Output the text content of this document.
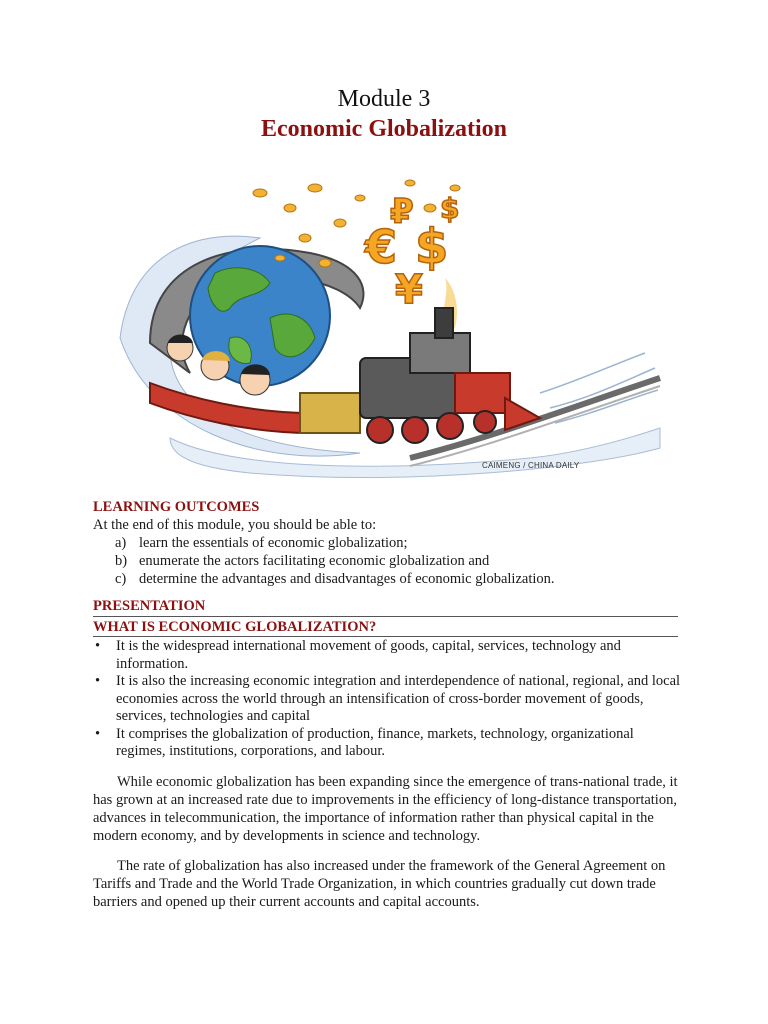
Module 3
Economic Globalization
€ $
¥
₽ $
CAIMENG / CHINA DAILY
LEARNING OUTCOMES
At the end of this module, you should be able to:
a) learn the essentials of economic globalization;
b) enumerate the actors facilitating economic globalization and
c) determine the advantages and disadvantages of economic globalization.
PRESENTATION
WHAT IS ECONOMIC GLOBALIZATION?
• It is the widespread international movement of goods, capital, services, technology and information.
• It is also the increasing economic integration and interdependence of national, regional, and local economies across the world through an intensification of cross-border movement of goods, services, technologies and capital
• It comprises the globalization of production, finance, markets, technology, organizational regimes, institutions, corporations, and labour.

While economic globalization has been expanding since the emergence of trans-national trade, it has grown at an increased rate due to improvements in the efficiency of long-distance transportation, advances in telecommunication, the importance of information rather than physical capital in the modern economy, and by developments in science and technology.

The rate of globalization has also increased under the framework of the General Agreement on Tariffs and Trade and the World Trade Organization, in which countries gradually cut down trade barriers and opened up their current accounts and capital accounts.
